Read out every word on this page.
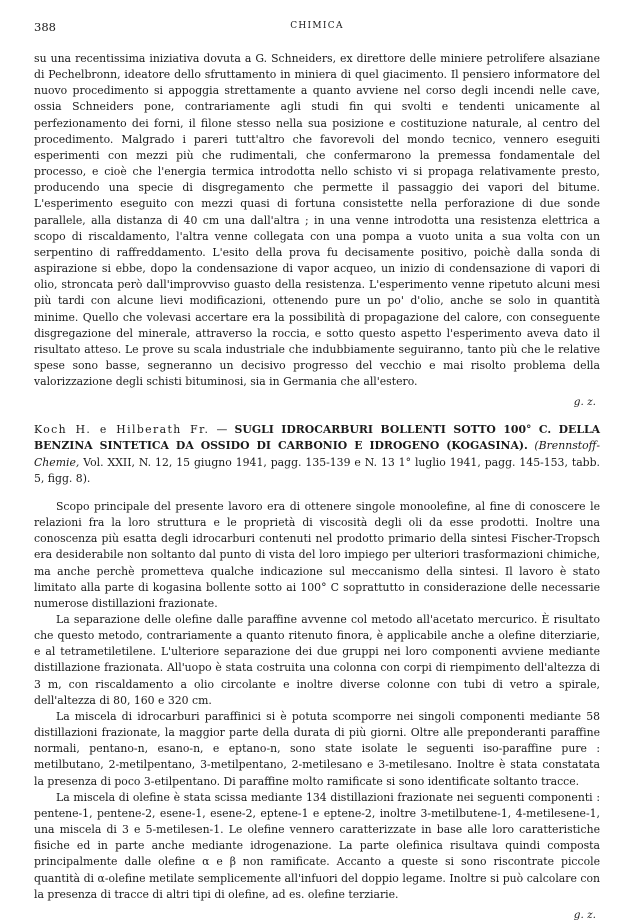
388	CHIMICA

su una recentissima iniziativa dovuta a G. Schneiders, ex direttore delle miniere petrolifere alsaziane di Pechelbronn, ideatore dello sfruttamento in miniera di quel giacimento. Il pensiero informatore del nuovo procedimento si appoggia strettamente a quanto avviene nel corso degli incendi nelle cave, ossia Schneiders pone, contrariamente agli studi fin qui svolti e tendenti unicamente al perfezionamento dei forni, il filone stesso nella sua posizione e costituzione naturale, al centro del procedimento. Malgrado i pareri tutt'altro che favorevoli del mondo tecnico, vennero eseguiti esperimenti con mezzi più che rudimentali, che confermarono la premessa fondamentale del processo, e cioè che l'energia termica introdotta nello schisto vi si propaga relativamente presto, producendo una specie di disgregamento che permette il passaggio dei vapori del bitume. L'esperimento eseguito con mezzi quasi di fortuna consistette nella perforazione di due sonde parallele, alla distanza di 40 cm una dall'altra ; in una venne introdotta una resistenza elettrica a scopo di riscaldamento, l'altra venne collegata con una pompa a vuoto unita a sua volta con un serpentino di raffreddamento. L'esito della prova fu decisamente positivo, poichè dalla sonda di aspirazione si ebbe, dopo la condensazione di vapor acqueo, un inizio di condensazione di vapori di olio, stroncata però dall'improvviso guasto della resistenza. L'esperimento venne ripetuto alcuni mesi più tardi con alcune lievi modificazioni, ottenendo pure un po' d'olio, anche se solo in quantità minime. Quello che volevasi accertare era la possibilità di propagazione del calore, con conseguente disgregazione del minerale, attraverso la roccia, e sotto questo aspetto l'esperimento aveva dato il risultato atteso. Le prove su scala industriale che indubbiamente seguiranno, tanto più che le relative spese sono basse, segneranno un decisivo progresso del vecchio e mai risolto problema della valorizzazione degli schisti bituminosi, sia in Germania che all'estero.

g. z.

Koch H. e Hilberath Fr. — SUGLI IDROCARBURI BOLLENTI SOTTO 100° C. DELLA BENZINA SINTETICA DA OSSIDO DI CARBONIO E IDROGENO (KOGASINA). (Brennstoff-Chemie, Vol. XXII, N. 12, 15 giugno 1941, pagg. 135-139 e N. 13 1° luglio 1941, pagg. 145-153, tabb. 5, figg. 8).

Scopo principale del presente lavoro era di ottenere singole monoolefine, al fine di conoscere le relazioni fra la loro struttura e le proprietà di viscosità degli oli da esse prodotti. Inoltre una conoscenza più esatta degli idrocarburi contenuti nel prodotto primario della sintesi Fischer-Tropsch era desiderabile non soltanto dal punto di vista del loro impiego per ulteriori trasformazioni chimiche, ma anche perchè prometteva qualche indicazione sul meccanismo della sintesi. Il lavoro è stato limitato alla parte di kogasina bollente sotto ai 100° C soprattutto in considerazione delle necessarie numerose distillazioni frazionate.

La separazione delle olefine dalle paraffine avvenne col metodo all'acetato mercurico. È risultato che questo metodo, contrariamente a quanto ritenuto finora, è applicabile anche a olefine diterziarie, e al tetrametiletilene. L'ulteriore separazione dei due gruppi nei loro componenti avviene mediante distillazione frazionata. All'uopo è stata costruita una colonna con corpi di riempimento dell'altezza di 3 m, con riscaldamento a olio circolante e inoltre diverse colonne con tubi di vetro a spirale, dell'altezza di 80, 160 e 320 cm.

La miscela di idrocarburi paraffinici si è potuta scomporre nei singoli componenti mediante 58 distillazioni frazionate, la maggior parte della durata di più giorni. Oltre alle preponderanti paraffine normali, pentano-n, esano-n, e eptano-n, sono state isolate le seguenti iso-paraffine pure : metilbutano, 2-metilpentano, 3-metilpentano, 2-metilesano e 3-metilesano. Inoltre è stata constatata la presenza di poco 3-etilpentano. Di paraffine molto ramificate si sono identificate soltanto tracce.

La miscela di olefine è stata scissa mediante 134 distillazioni frazionate nei seguenti componenti : pentene-1, pentene-2, esene-1, esene-2, eptene-1 e eptene-2, inoltre 3-metilbutene-1, 4-metilesene-1, una miscela di 3 e 5-metilesen-1. Le olefine vennero caratterizzate in base alle loro caratteristiche fisiche ed in parte anche mediante idrogenazione. La parte olefinica risultava quindi composta principalmente dalle olefine α e β non ramificate. Accanto a queste si sono riscontrate piccole quantità di α-olefine metilate semplicemente all'infuori del doppio legame. Inoltre si può calcolare con la presenza di tracce di altri tipi di olefine, ad es. olefine terziarie.

g. z.
